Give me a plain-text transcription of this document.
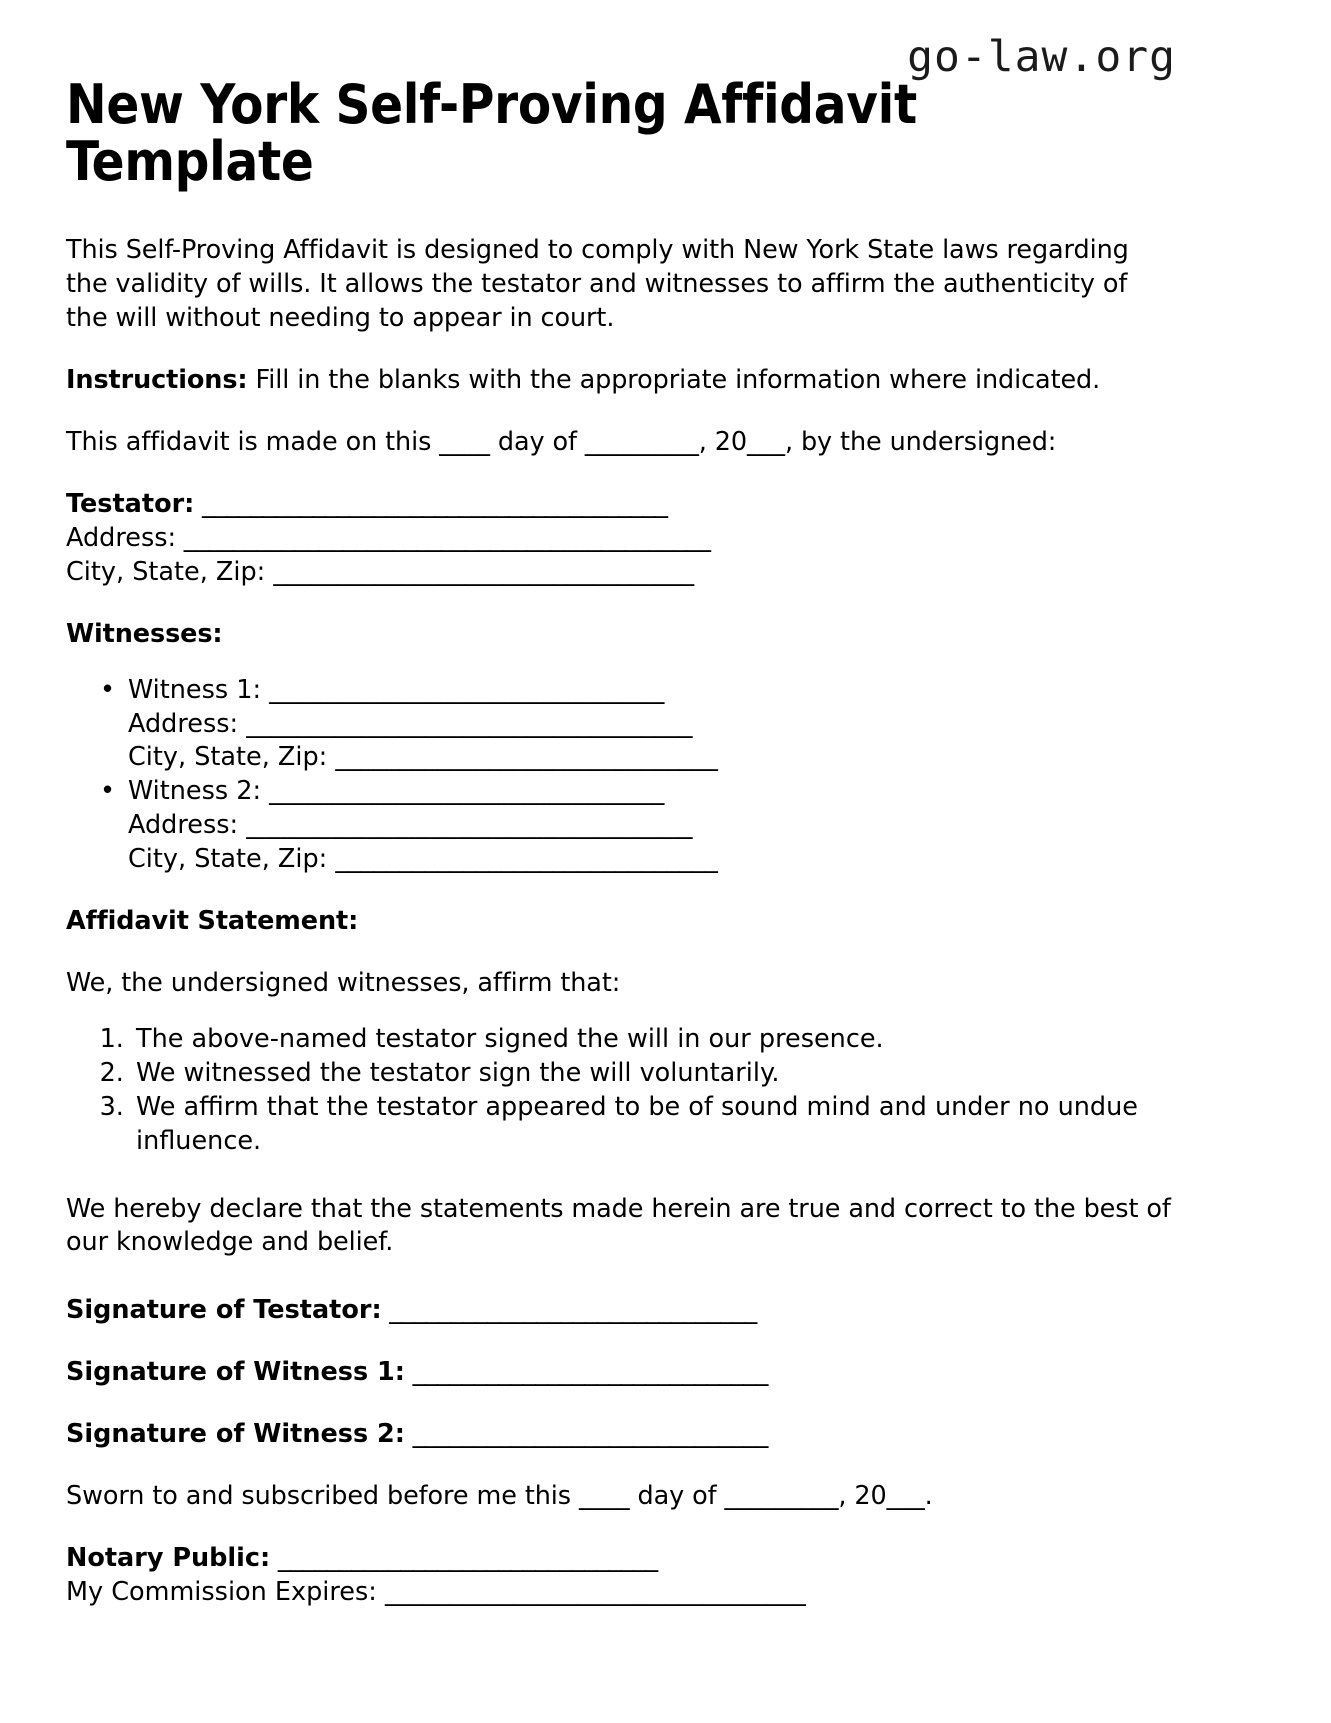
go-law.org
New York Self-Proving Affidavit Template

This Self-Proving Affidavit is designed to comply with New York State laws regarding the validity of wills. It allows the testator and witnesses to affirm the authenticity of the will without needing to appear in court.

Instructions: Fill in the blanks with the appropriate information where indicated.

This affidavit is made on this ____ day of _________, 20___, by the undersigned:

Testator: ______________________________________
Address: ___________________________________________
City, State, Zip: _________________________________

Witnesses:

• Witness 1: _______________________________
Address: ___________________________________
City, State, Zip: ______________________________
• Witness 2: _______________________________
Address: ___________________________________
City, State, Zip: ______________________________

Affidavit Statement:

We, the undersigned witnesses, affirm that:

1. The above-named testator signed the will in our presence.
2. We witnessed the testator sign the will voluntarily.
3. We affirm that the testator appeared to be of sound mind and under no undue influence.

We hereby declare that the statements made herein are true and correct to the best of our knowledge and belief.

Signature of Testator: ______________________________
Signature of Witness 1: _____________________________
Signature of Witness 2: _____________________________

Sworn to and subscribed before me this ____ day of _________, 20___.

Notary Public: _______________________________
My Commission Expires: _________________________________
